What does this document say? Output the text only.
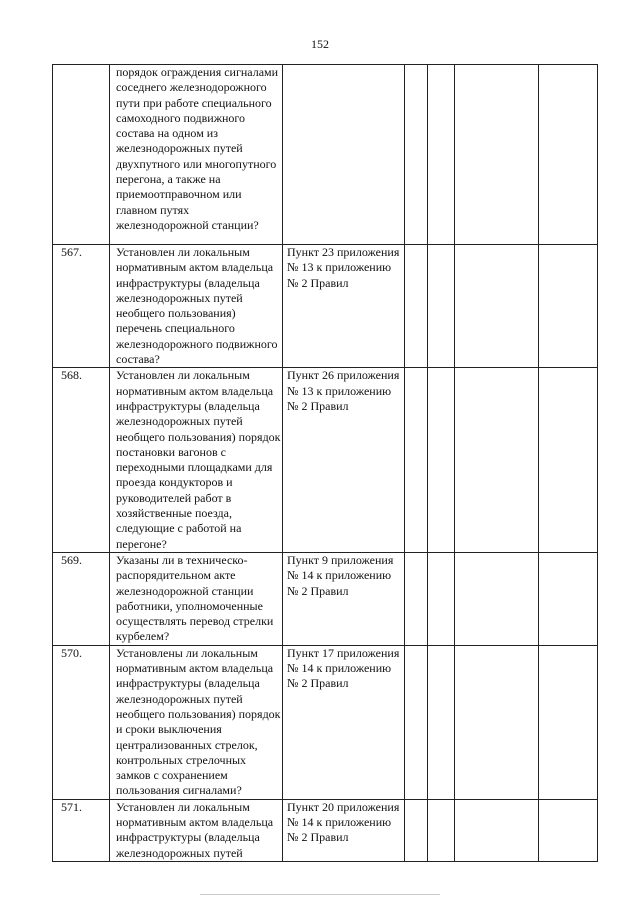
152
	порядок ограждения сигналами соседнего железнодорожного пути при работе специального самоходного подвижного состава на одном из железнодорожных путей двухпутного или многопутного перегона, а также на приемоотправочном или главном путях железнодорожной станции?					
567.	Установлен ли локальным нормативным актом владельца инфраструктуры (владельца железнодорожных путей необщего пользования) перечень специального железнодорожного подвижного состава?	Пункт 23 приложения № 13 к приложению № 2 Правил				
568.	Установлен ли локальным нормативным актом владельца инфраструктуры (владельца железнодорожных путей необщего пользования) порядок постановки вагонов с переходными площадками для проезда кондукторов и руководителей работ в хозяйственные поезда, следующие с работой на перегоне?	Пункт 26 приложения № 13 к приложению № 2 Правил				
569.	Указаны ли в техническо-распорядительном акте железнодорожной станции работники, уполномоченные осуществлять перевод стрелки курбелем?	Пункт 9 приложения № 14 к приложению № 2 Правил				
570.	Установлены ли локальным нормативным актом владельца инфраструктуры (владельца железнодорожных путей необщего пользования) порядок и сроки выключения централизованных стрелок, контрольных стрелочных замков с сохранением пользования сигналами?	Пункт 17 приложения № 14 к приложению № 2 Правил				
571.	Установлен ли локальным нормативным актом владельца инфраструктуры (владельца железнодорожных путей	Пункт 20 приложения № 14 к приложению № 2 Правил				
